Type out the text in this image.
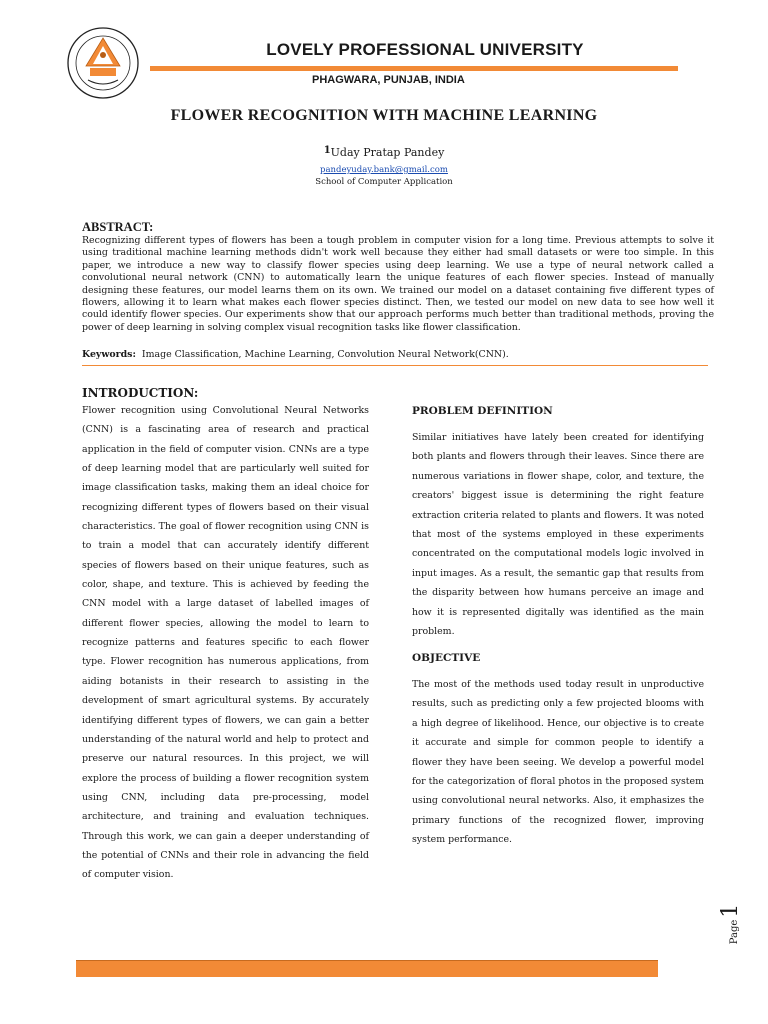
LOVELY PROFESSIONAL UNIVERSITY
PHAGWARA, PUNJAB, INDIA
FLOWER RECOGNITION WITH MACHINE LEARNING
$^1$Uday Pratap Pandey
pandeyuday.bank@gmail.com
School of Computer Application
ABSTRACT:

Recognizing different types of flowers has been a tough problem in computer vision for a long time. Previous attempts to solve it using traditional machine learning methods didn't work well because they either had small datasets or were too simple. In this paper, we introduce a new way to classify flower species using deep learning. We use a type of neural network called a convolutional neural network (CNN) to automatically learn the unique features of each flower species. Instead of manually designing these features, our model learns them on its own. We trained our model on a dataset containing five different types of flowers, allowing it to learn what makes each flower species distinct. Then, we tested our model on new data to see how well it could identify flower species. Our experiments show that our approach performs much better than traditional methods, proving the power of deep learning in solving complex visual recognition tasks like flower classification.

Keywords: Image Classification, Machine Learning, Convolution Neural Network(CNN).
INTRODUCTION:

Flower recognition using Convolutional Neural Networks (CNN) is a fascinating area of research and practical application in the field of computer vision. CNNs are a type of deep learning model that are particularly well suited for image classification tasks, making them an ideal choice for recognizing different types of flowers based on their visual characteristics. The goal of flower recognition using CNN is to train a model that can accurately identify different species of flowers based on their unique features, such as color, shape, and texture. This is achieved by feeding the CNN model with a large dataset of labelled images of different flower species, allowing the model to learn to recognize patterns and features specific to each flower type. Flower recognition has numerous applications, from aiding botanists in their research to assisting in the development of smart agricultural systems. By accurately identifying different types of flowers, we can gain a better understanding of the natural world and help to protect and preserve our natural resources. In this project, we will explore the process of building a flower recognition system using CNN, including data pre-processing, model architecture, and training and evaluation techniques. Through this work, we can gain a deeper understanding of the potential of CNNs and their role in advancing the field of computer vision.

PROBLEM DEFINITION

Similar initiatives have lately been created for identifying both plants and flowers through their leaves. Since there are numerous variations in flower shape, color, and texture, the creators' biggest issue is determining the right feature extraction criteria related to plants and flowers. It was noted that most of the systems employed in these experiments concentrated on the computational models logic involved in input images. As a result, the semantic gap that results from the disparity between how humans perceive an image and how it is represented digitally was identified as the main problem.

OBJECTIVE

The most of the methods used today result in unproductive results, such as predicting only a few projected blooms with a high degree of likelihood. Hence, our objective is to create it accurate and simple for common people to identify a flower they have been seeing. We develop a powerful model for the categorization of floral photos in the proposed system using convolutional neural networks. Also, it emphasizes the primary functions of the recognized flower, improving system performance.

Page
1
